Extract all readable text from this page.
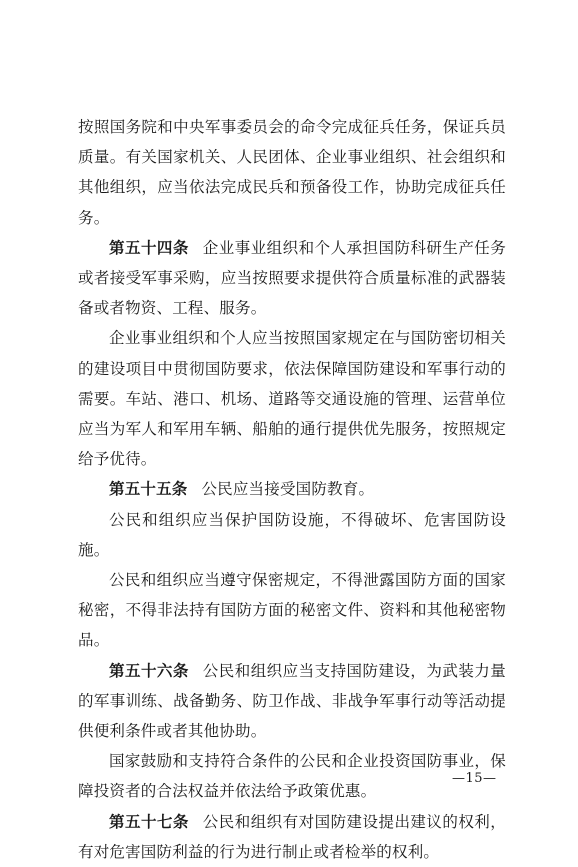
按照国务院和中央军事委员会的命令完成征兵任务，保证兵员质量。有关国家机关、人民团体、企业事业组织、社会组织和其他组织，应当依法完成民兵和预备役工作，协助完成征兵任务。

第五十四条 企业事业组织和个人承担国防科研生产任务或者接受军事采购，应当按照要求提供符合质量标准的武器装备或者物资、工程、服务。

企业事业组织和个人应当按照国家规定在与国防密切相关的建设项目中贯彻国防要求，依法保障国防建设和军事行动的需要。车站、港口、机场、道路等交通设施的管理、运营单位应当为军人和军用车辆、船舶的通行提供优先服务，按照规定给予优待。

第五十五条 公民应当接受国防教育。

公民和组织应当保护国防设施，不得破坏、危害国防设施。

公民和组织应当遵守保密规定，不得泄露国防方面的国家秘密，不得非法持有国防方面的秘密文件、资料和其他秘密物品。

第五十六条 公民和组织应当支持国防建设，为武装力量的军事训练、战备勤务、防卫作战、非战争军事行动等活动提供便利条件或者其他协助。

国家鼓励和支持符合条件的公民和企业投资国防事业，保障投资者的合法权益并依法给予政策优惠。

第五十七条 公民和组织有对国防建设提出建议的权利，有对危害国防利益的行为进行制止或者检举的权利。

—15—
